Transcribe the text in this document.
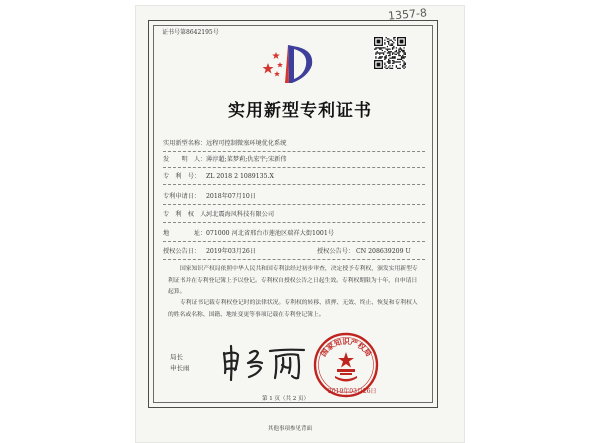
证书号第8642195号
1357-8
实用新型专利证书
实用新型名称： 远程可控制微塞环境优化系统
发　　明　人： 薄淳超;菜梦莉;仇宏宇;宋新伟
专　利　号： ZL 2018 2 1089135.X
专利申请日： 2018年07月10日
专　利　权　人：
河北震海风科技有限公司
地　　　　址： 071000 河北省邢台市莲池区瑞祥大街1001号
授权公告日： 2019年03月26日	授权公告号： CN 208639209 U
国家知识产权局依照中华人民共和国专利法经过初步审查，决定授予专利权，颁发实用新型专利证书并在专利登记簿上予以登记。专利权自授权公告之日起生效。专利权期限为十年，自申请日起算。
专利证书记载专利权登记时的法律状况。专利权的转移、质押、无效、终止、恢复和专利权人的姓名或名称、国籍、地址变更等事项记载在专利登记簿上。
局长
申长雨
国家知识产权局
2019年03月26日
第 1 页（共 2 页）
其他事项参见背面
